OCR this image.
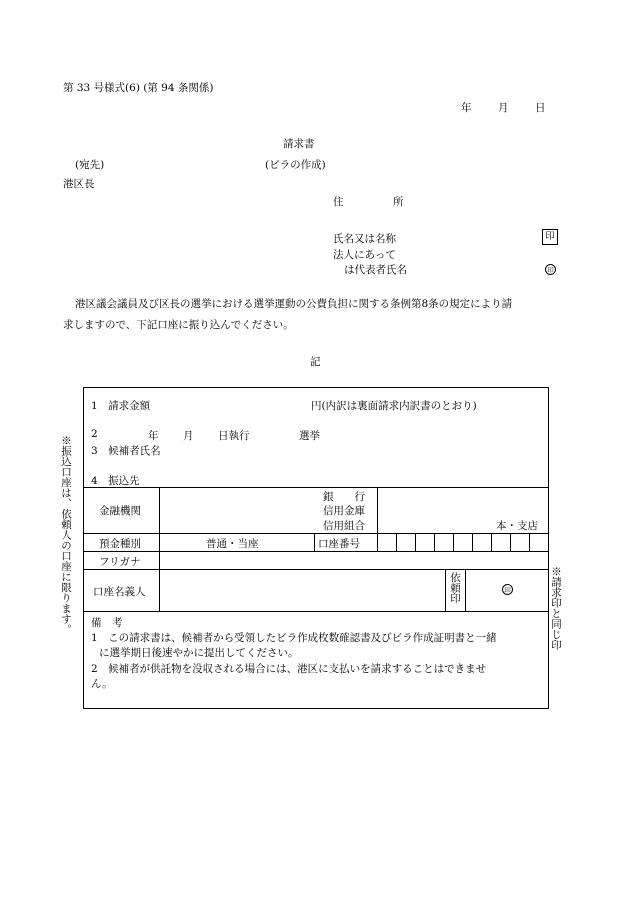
第 33 号様式(6) (第 94 条関係)
年	月	日
請求書
(宛先)	(ビラの作成)
港区長
住	所
氏名又は名称	印
法人にあって
は代表者氏名	印
港区議会議員及び区長の選挙における選挙運動の公費負担に関する条例第8条の規定により請
求しますので、下記口座に振り込んでください。
記
※振込口座は、依頼人の口座に限ります。	※請求印と同じ印
1　請求金額	円(内訳は裏面請求内訳書のとおり)
2	年 月 日執行	選挙
3　候補者氏名
4　振込先
金融機関
銀　　行
信用金庫
信用組合	本・支店
預金種別	普通・当座	口座番号
フリガナ
口座名義人	依頼印	印
備　考
1　この請求書は、候補者から受領したビラ作成枚数確認書及びビラ作成証明書と一緒
に選挙期日後速やかに提出してください。
2　候補者が供託物を没収される場合には、港区に支払いを請求することはできませ
ん。
